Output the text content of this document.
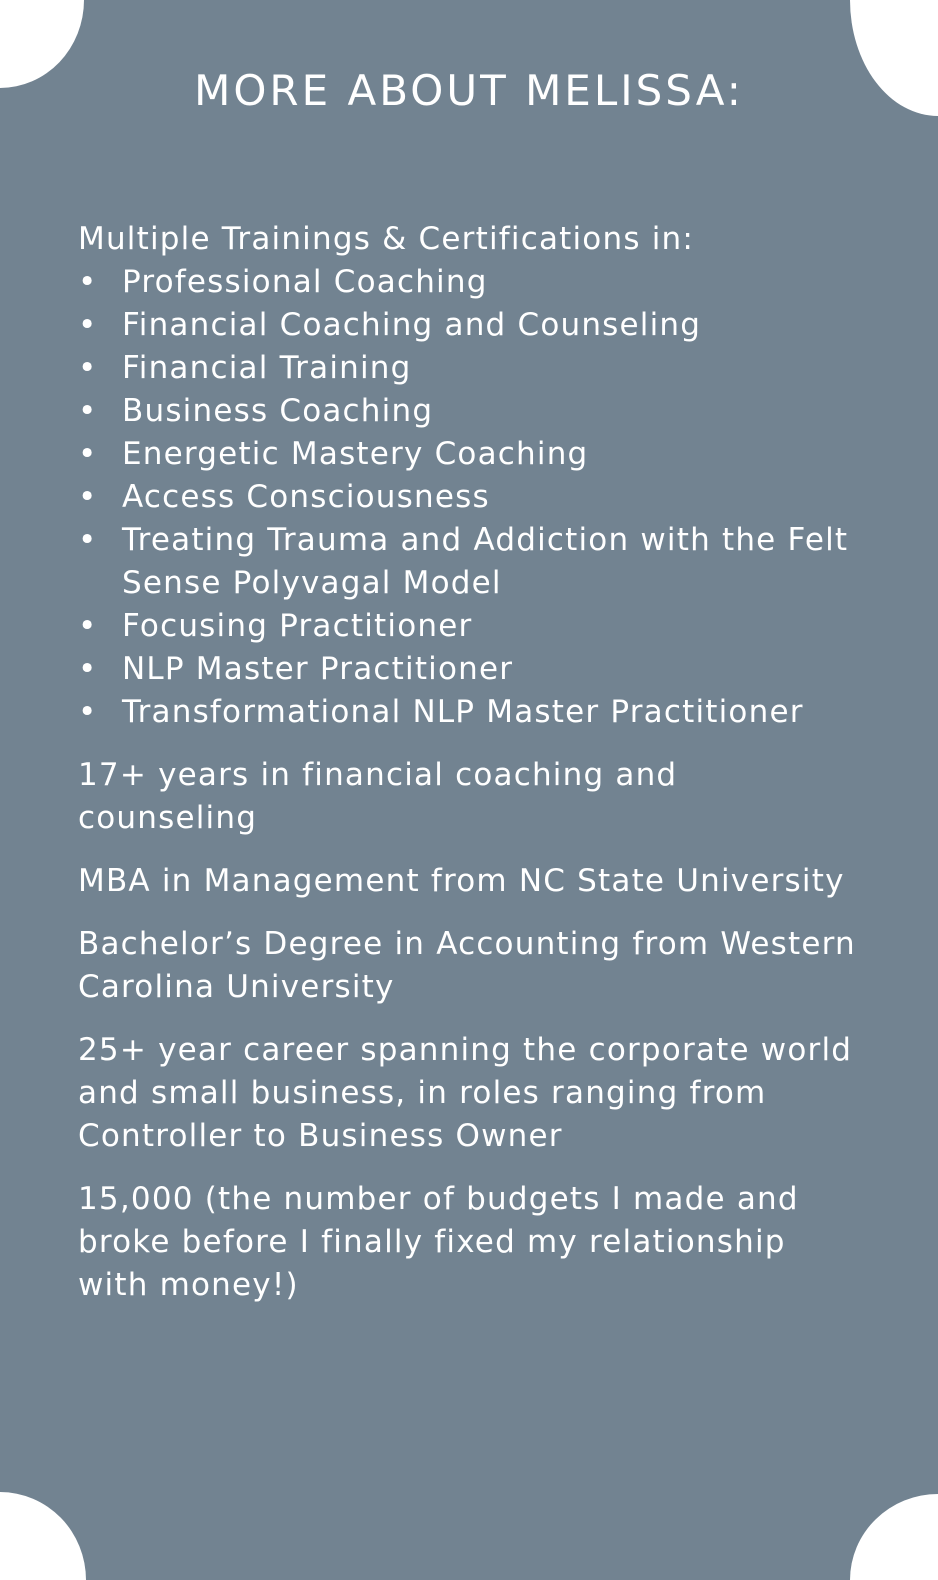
MORE ABOUT MELISSA:
Multiple Trainings & Certifications in:
• Professional Coaching
• Financial Coaching and Counseling
• Financial Training
• Business Coaching
• Energetic Mastery Coaching
• Access Consciousness
• Treating Trauma and Addiction with the Felt Sense Polyvagal Model
• Focusing Practitioner
• NLP Master Practitioner
• Transformational NLP Master Practitioner

17+ years in financial coaching and counseling

MBA in Management from NC State University

Bachelor’s Degree in Accounting from Western Carolina University

25+ year career spanning the corporate world and small business, in roles ranging from Controller to Business Owner

15,000 (the number of budgets I made and broke before I finally fixed my relationship with money!)
